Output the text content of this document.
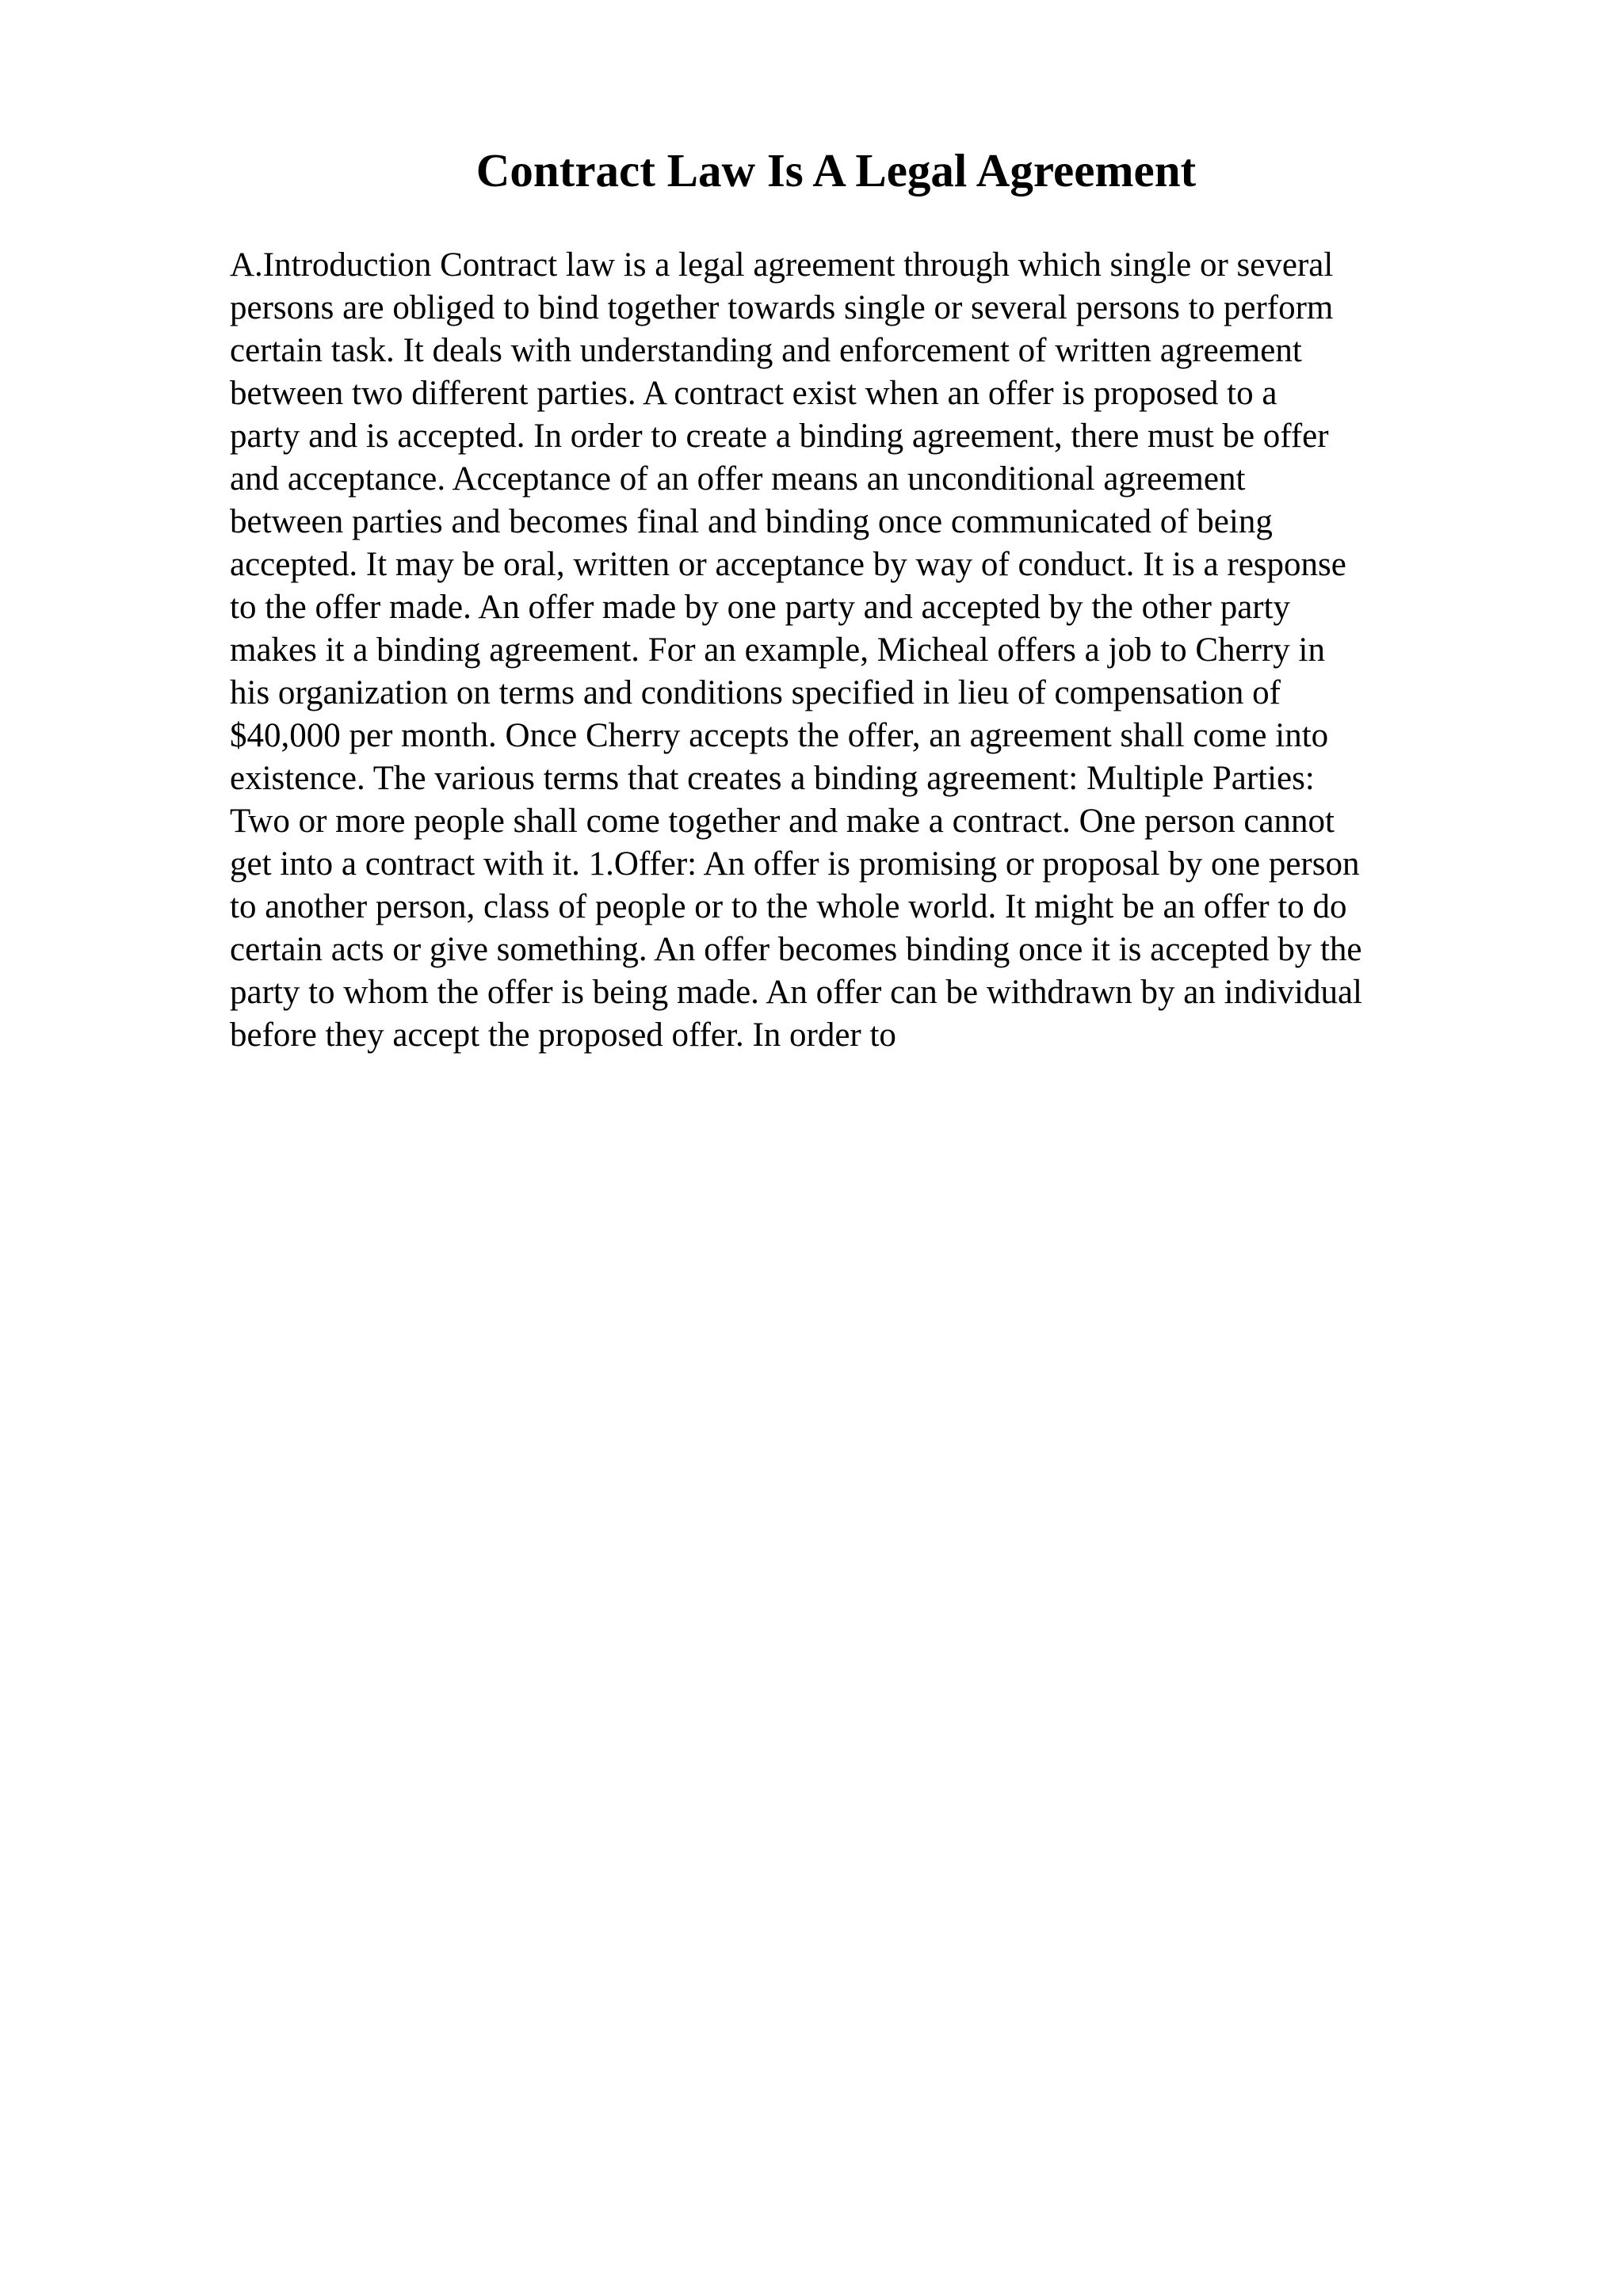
Contract Law Is A Legal Agreement
A.Introduction Contract law is a legal agreement through which single or several
persons are obliged to bind together towards single or several persons to perform
certain task. It deals with understanding and enforcement of written agreement
between two different parties. A contract exist when an offer is proposed to a
party and is accepted. In order to create a binding agreement, there must be offer
and acceptance. Acceptance of an offer means an unconditional agreement
between parties and becomes final and binding once communicated of being
accepted. It may be oral, written or acceptance by way of conduct. It is a response
to the offer made. An offer made by one party and accepted by the other party
makes it a binding agreement. For an example, Micheal offers a job to Cherry in
his organization on terms and conditions specified in lieu of compensation of
$40,000 per month. Once Cherry accepts the offer, an agreement shall come into
existence. The various terms that creates a binding agreement: Multiple Parties:
Two or more people shall come together and make a contract. One person cannot
get into a contract with it. 1.Offer: An offer is promising or proposal by one person
to another person, class of people or to the whole world. It might be an offer to do
certain acts or give something. An offer becomes binding once it is accepted by the
party to whom the offer is being made. An offer can be withdrawn by an individual
before they accept the proposed offer. In order to
